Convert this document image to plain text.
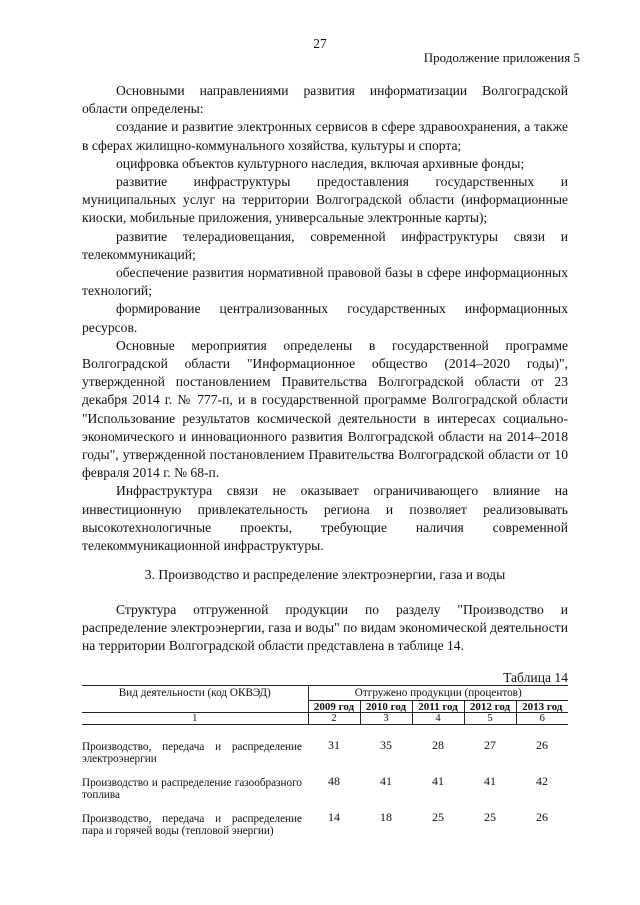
27
Продолжение приложения 5

Основными направлениями развития информатизации Волгоградской области определены:

создание и развитие электронных сервисов в сфере здравоохранения, а также в сферах жилищно-коммунального хозяйства, культуры и спорта;

оцифровка объектов культурного наследия, включая архивные фонды;

развитие инфраструктуры предоставления государственных и муниципальных услуг на территории Волгоградской области (информационные киоски, мобильные приложения, универсальные электронные карты);

развитие телерадиовещания, современной инфраструктуры связи и телекоммуникаций;

обеспечение развития нормативной правовой базы в сфере информационных технологий;

формирование централизованных государственных информационных ресурсов.

Основные мероприятия определены в государственной программе Волгоградской области "Информационное общество (2014–2020 годы)", утвержденной постановлением Правительства Волгоградской области от 23 декабря 2014 г. № 777-п, и в государственной программе Волгоградской области "Использование результатов космической деятельности в интересах социально-экономического и инновационного развития Волгоградской области на 2014–2018 годы", утвержденной постановлением Правительства Волгоградской области от 10 февраля 2014 г. № 68-п.

Инфраструктура связи не оказывает ограничивающего влияние на инвестиционную привлекательность региона и позволяет реализовывать высокотехнологичные проекты, требующие наличия современной телекоммуникационной инфраструктуры.

3. Производство и распределение электроэнергии, газа и воды
Структура отгруженной продукции по разделу "Производство и распределение электроэнергии, газа и воды" по видам экономической деятельности на территории Волгоградской области представлена в таблице 14.
Таблица 14
Вид деятельности (код ОКВЭД)	Отгружено продукции (процентов)				
	2009 год	2010 год	2011 год	2012 год	2013 год
1	2	3	4	5	6
Производство, передача и распределение электроэнергии	31	35	28	27	26
Производство и распределение газообразного топлива	48	41	41	41	42
Производство, передача и распределение пара и горячей воды (тепловой энергии)	14	18	25	25	26
